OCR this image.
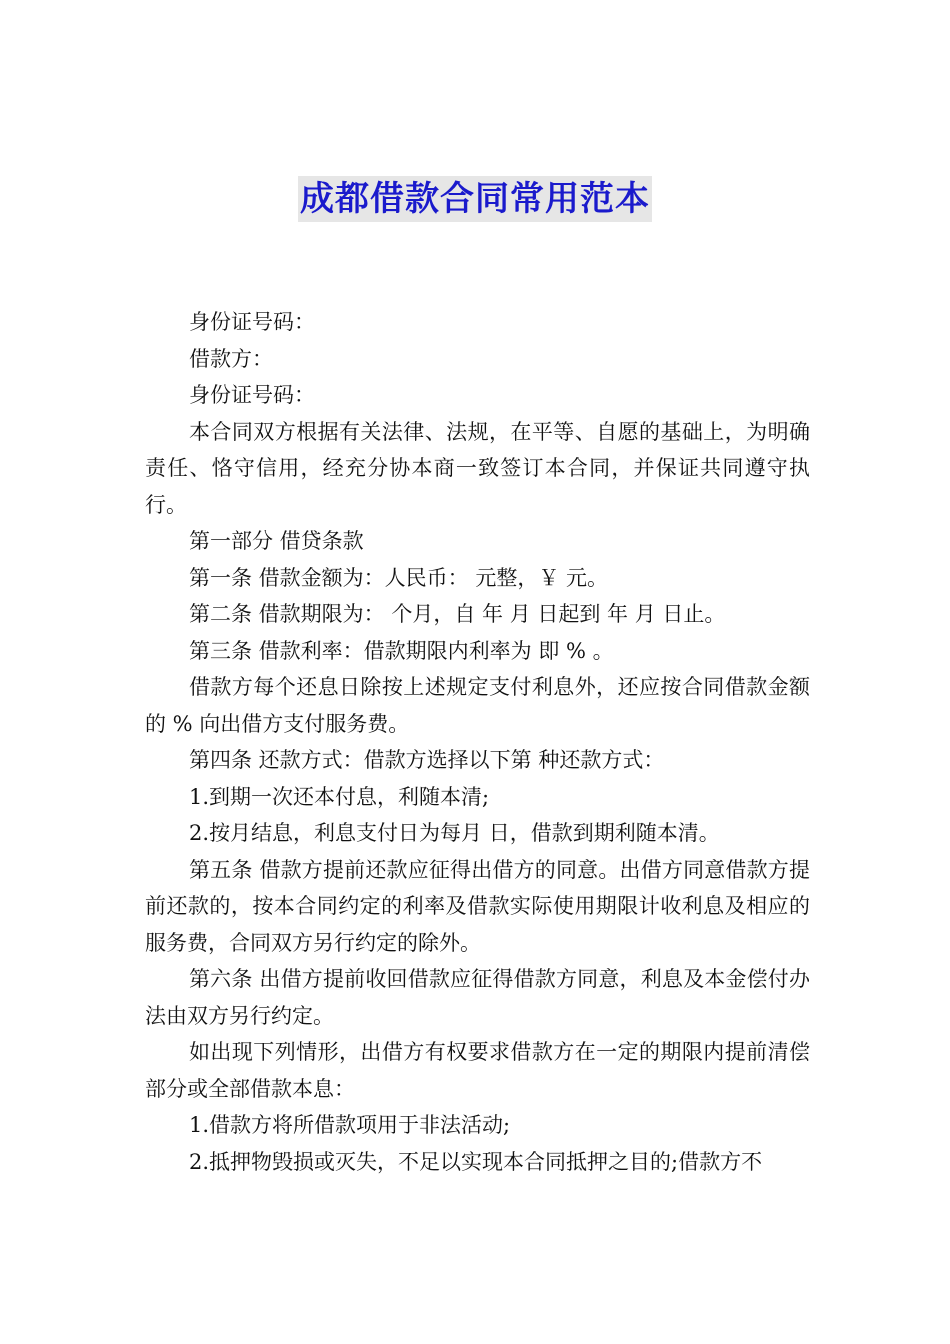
成都借款合同常用范本

身份证号码：

借款方：

身份证号码：

本合同双方根据有关法律、法规，在平等、自愿的基础上，为明确责任、恪守信用，经充分协本商一致签订本合同，并保证共同遵守执行。

第一部分 借贷条款

第一条 借款金额为：人民币： 元整，￥ 元。

第二条 借款期限为： 个月，自 年 月 日起到 年 月 日止。

第三条 借款利率：借款期限内利率为 即 % 。

借款方每个还息日除按上述规定支付利息外，还应按合同借款金额的 % 向出借方支付服务费。

第四条 还款方式：借款方选择以下第 种还款方式：

1.到期一次还本付息，利随本清;

2.按月结息，利息支付日为每月 日，借款到期利随本清。

第五条 借款方提前还款应征得出借方的同意。出借方同意借款方提前还款的，按本合同约定的利率及借款实际使用期限计收利息及相应的服务费，合同双方另行约定的除外。

第六条 出借方提前收回借款应征得借款方同意，利息及本金偿付办法由双方另行约定。

如出现下列情形，出借方有权要求借款方在一定的期限内提前清偿部分或全部借款本息：

1.借款方将所借款项用于非法活动;

2.抵押物毁损或灭失，不足以实现本合同抵押之目的;借款方不
